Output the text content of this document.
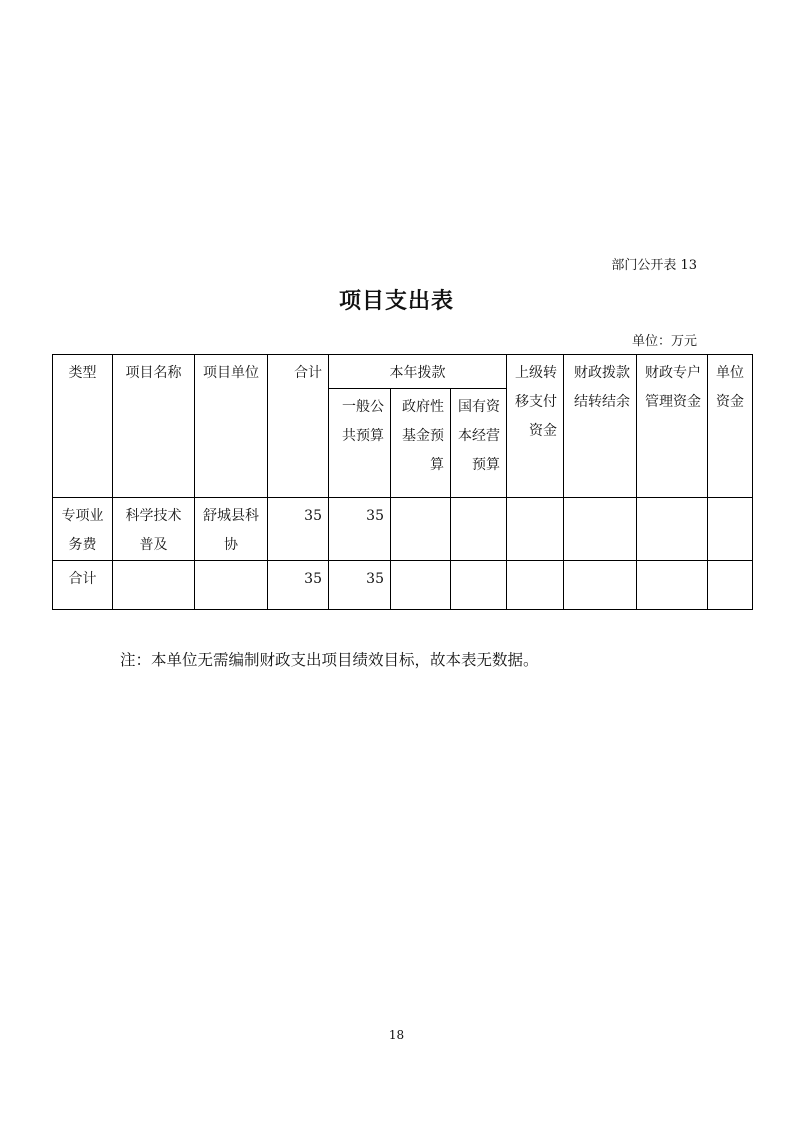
部门公开表 13
项目支出表
单位：万元
类型	项目名称	项目单位	合计	本年拨款			上级转移支付资金	财政拨款结转结余	财政专户管理资金	单位资金
				一般公共预算	政府性基金预算	国有资本经营预算				
专项业务费	科学技术普及	舒城县科协	35	35						
合计			35	35						
注：本单位无需编制财政支出项目绩效目标，故本表无数据。
18
